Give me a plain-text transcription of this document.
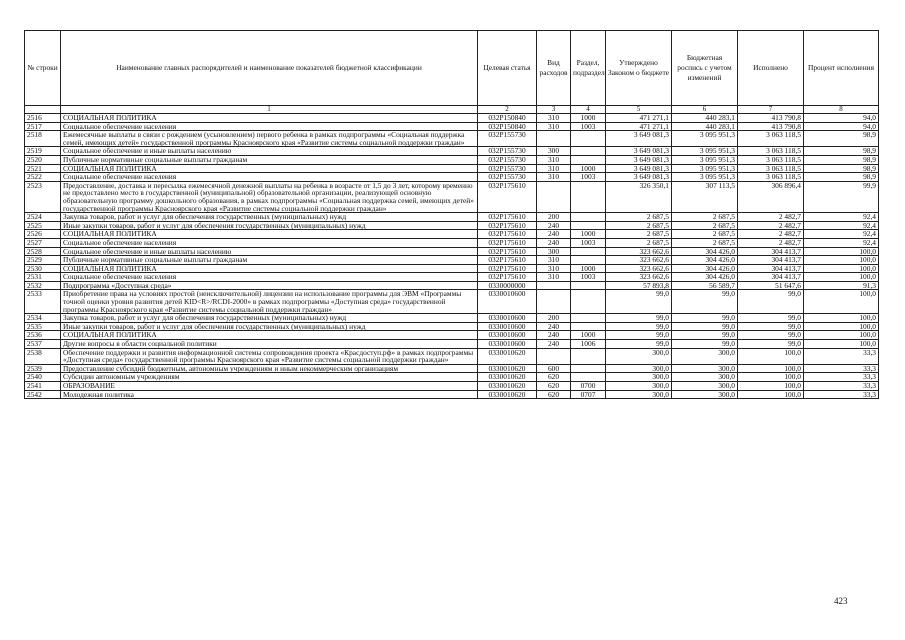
№ строки	Наименование главных распорядителей и наименование показателей бюджетной классификации	Целевая статья	Вид расходов	Раздел, подраздел	Утверждено Законом о бюджете	Бюджетная роспись с учетом изменений	Исполнено	Процент исполнения
	1	2	3	4	5	6	7	8
2516	СОЦИАЛЬНАЯ ПОЛИТИКА	032Р150840	310	1000	471 271,1	440 283,1	413 790,8	94,0
2517	Социальное обеспечение населения	032Р150840	310	1003	471 271,1	440 283,1	413 790,8	94,0
2518	Ежемесячные выплаты в связи с рождением (усыновлением) первого ребенка в рамках подпрограммы «Социальная поддержка семей, имеющих детей» государственной программы Красноярского края «Развитие системы социальной поддержки граждан»	032Р155730			3 649 081,3	3 095 951,3	3 063 118,5	98,9
2519	Социальное обеспечение и иные выплаты населению	032Р155730	300		3 649 081,3	3 095 951,3	3 063 118,5	98,9
2520	Публичные нормативные социальные выплаты гражданам	032Р155730	310		3 649 081,3	3 095 951,3	3 063 118,5	98,9
2521	СОЦИАЛЬНАЯ ПОЛИТИКА	032Р155730	310	1000	3 649 081,3	3 095 951,3	3 063 118,5	98,9
2522	Социальное обеспечение населения	032Р155730	310	1003	3 649 081,3	3 095 951,3	3 063 118,5	98,9
2523	Предоставление, доставка и пересылка ежемесячной денежной выплаты на ребенка в возрасте от 1,5 до 3 лет, которому временно не предоставлено место в государственной (муниципальной) образовательной организации, реализующей основную образовательную программу дошкольного образования, в рамках подпрограммы «Социальная поддержка семей, имеющих детей» государственной программы Красноярского края «Развитие системы социальной поддержки граждан»	032Р175610			326 350,1	307 113,5	306 896,4	99,9
2524	Закупка товаров, работ и услуг для обеспечения государственных (муниципальных) нужд	032Р175610	200		2 687,5	2 687,5	2 482,7	92,4
2525	Иные закупки товаров, работ и услуг для обеспечения государственных (муниципальных) нужд	032Р175610	240		2 687,5	2 687,5	2 482,7	92,4
2526	СОЦИАЛЬНАЯ ПОЛИТИКА	032Р175610	240	1000	2 687,5	2 687,5	2 482,7	92,4
2527	Социальное обеспечение населения	032Р175610	240	1003	2 687,5	2 687,5	2 482,7	92,4
2528	Социальное обеспечение и иные выплаты населению	032Р175610	300		323 662,6	304 426,0	304 413,7	100,0
2529	Публичные нормативные социальные выплаты гражданам	032Р175610	310		323 662,6	304 426,0	304 413,7	100,0
2530	СОЦИАЛЬНАЯ ПОЛИТИКА	032Р175610	310	1000	323 662,6	304 426,0	304 413,7	100,0
2531	Социальное обеспечение населения	032Р175610	310	1003	323 662,6	304 426,0	304 413,7	100,0
2532	Подпрограмма «Доступная среда»	0330000000			57 893,8	56 589,7	51 647,6	91,3
2533	Приобретение права на условиях простой (неисключительной) лицензии на использование программы для ЭВМ «Программы точной оценки уровня развития детей KID<R>/RCDI-2000» в рамках подпрограммы «Доступная среда» государственной программы Красноярского края «Развитие системы социальной поддержки граждан»	0330010600			99,0	99,0	99,0	100,0
2534	Закупка товаров, работ и услуг для обеспечения государственных (муниципальных) нужд	0330010600	200		99,0	99,0	99,0	100,0
2535	Иные закупки товаров, работ и услуг для обеспечения государственных (муниципальных) нужд	0330010600	240		99,0	99,0	99,0	100,0
2536	СОЦИАЛЬНАЯ ПОЛИТИКА	0330010600	240	1000	99,0	99,0	99,0	100,0
2537	Другие вопросы в области социальной политики	0330010600	240	1006	99,0	99,0	99,0	100,0
2538	Обеспечение поддержки и развития информационной системы сопровождения проекта «Красдоступ.рф» в рамках подпрограммы «Доступная среда» государственной программы Красноярского края «Развитие системы социальной поддержки граждан»	0330010620			300,0	300,0	100,0	33,3
2539	Предоставление субсидий бюджетным, автономным учреждениям и иным некоммерческим организациям	0330010620	600		300,0	300,0	100,0	33,3
2540	Субсидии автономным учреждениям	0330010620	620		300,0	300,0	100,0	33,3
2541	ОБРАЗОВАНИЕ	0330010620	620	0700	300,0	300,0	100,0	33,3
2542	Молодежная политика	0330010620	620	0707	300,0	300,0	100,0	33,3
423
